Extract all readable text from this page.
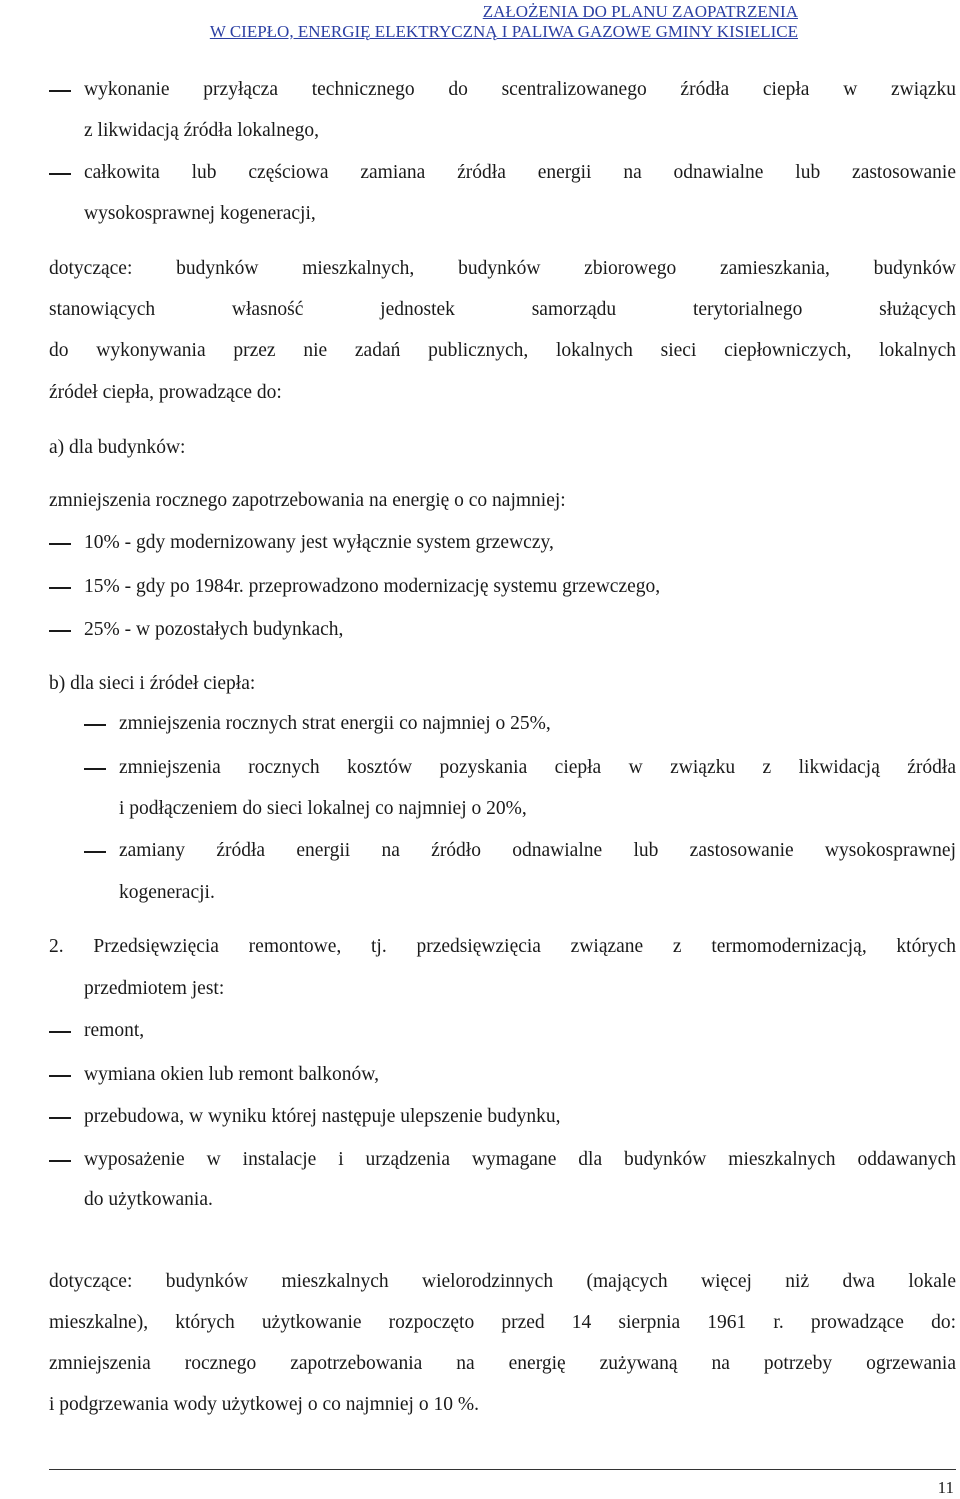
ZAŁOŻENIA DO PLANU ZAOPATRZENIA
W CIEPŁO, ENERGIĘ ELEKTRYCZNĄ I PALIWA GAZOWE GMINY KISIELICE
wykonanie przyłącza technicznego do scentralizowanego źródła ciepła w związku
z likwidacją źródła lokalnego,
całkowita lub częściowa zamiana źródła energii na odnawialne lub zastosowanie
wysokosprawnej kogeneracji,
dotyczące: budynków mieszkalnych, budynków zbiorowego zamieszkania, budynków
stanowiących własność jednostek samorządu terytorialnego służących
do wykonywania przez nie zadań publicznych, lokalnych sieci ciepłowniczych, lokalnych
źródeł ciepła, prowadzące do:
a) dla budynków:
zmniejszenia rocznego zapotrzebowania na energię o co najmniej:
10% - gdy modernizowany jest wyłącznie system grzewczy,
15% - gdy po 1984r. przeprowadzono modernizację systemu grzewczego,
25% - w pozostałych budynkach,
b) dla sieci i źródeł ciepła:
zmniejszenia rocznych strat energii co najmniej o 25%,
zmniejszenia rocznych kosztów pozyskania ciepła w związku z likwidacją źródła
i podłączeniem do sieci lokalnej co najmniej o 20%,
zamiany źródła energii na źródło odnawialne lub zastosowanie wysokosprawnej
kogeneracji.
2. Przedsięwzięcia remontowe, tj. przedsięwzięcia związane z termomodernizacją, których
przedmiotem jest:
remont,
wymiana okien lub remont balkonów,
przebudowa, w wyniku której następuje ulepszenie budynku,
wyposażenie w instalacje i urządzenia wymagane dla budynków mieszkalnych oddawanych
do użytkowania.
dotyczące: budynków mieszkalnych wielorodzinnych (mających więcej niż dwa lokale
mieszkalne), których użytkowanie rozpoczęto przed 14 sierpnia 1961 r. prowadzące do:
zmniejszenia rocznego zapotrzebowania na energię zużywaną na potrzeby ogrzewania
i podgrzewania wody użytkowej o co najmniej o 10 %.
11
